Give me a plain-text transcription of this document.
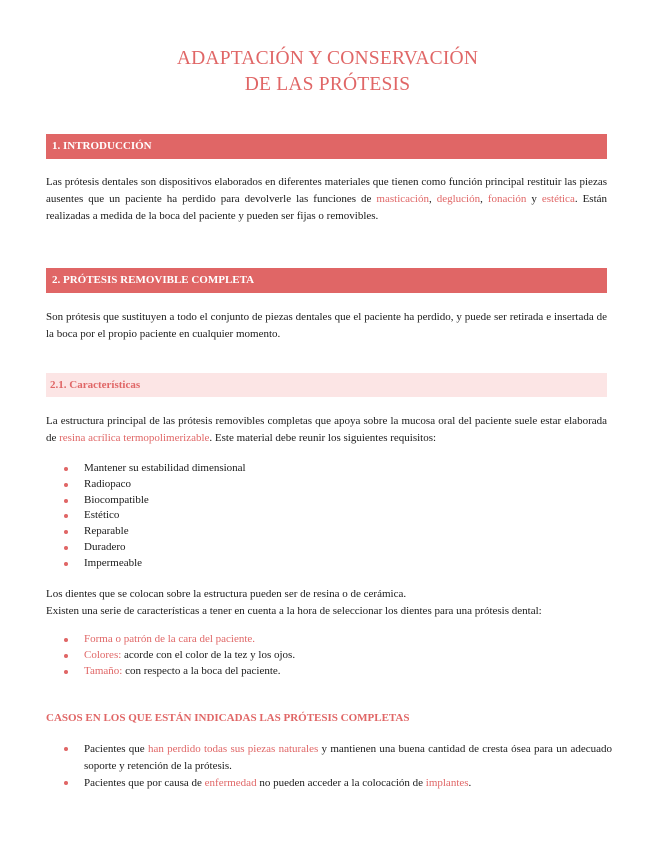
ADAPTACIÓN Y CONSERVACIÓN
DE LAS PRÓTESIS
1. INTRODUCCIÓN
Las prótesis dentales son dispositivos elaborados en diferentes materiales que tienen como función principal restituir las piezas ausentes que un paciente ha perdido para devolverle las funciones de masticación, deglución, fonación y estética. Están realizadas a medida de la boca del paciente y pueden ser fijas o removibles.
2. PRÓTESIS REMOVIBLE COMPLETA
Son prótesis que sustituyen a todo el conjunto de piezas dentales que el paciente ha perdido, y puede ser retirada e insertada de la boca por el propio paciente en cualquier momento.
2.1. Características
La estructura principal de las prótesis removibles completas que apoya sobre la mucosa oral del paciente suele estar elaborada de resina acrílica termopolimerizable. Este material debe reunir los siguientes requisitos:
Mantener su estabilidad dimensional
Radiopaco
Biocompatible
Estético
Reparable
Duradero
Impermeable
Los dientes que se colocan sobre la estructura pueden ser de resina o de cerámica.
Existen una serie de características a tener en cuenta a la hora de seleccionar los dientes para una prótesis dental:
Forma o patrón de la cara del paciente.
Colores: acorde con el color de la tez y los ojos.
Tamaño: con respecto a la boca del paciente.
CASOS EN LOS QUE ESTÁN INDICADAS LAS PRÓTESIS COMPLETAS
Pacientes que han perdido todas sus piezas naturales y mantienen una buena cantidad de cresta ósea para un adecuado soporte y retención de la prótesis.
Pacientes que por causa de enfermedad no pueden acceder a la colocación de implantes.
